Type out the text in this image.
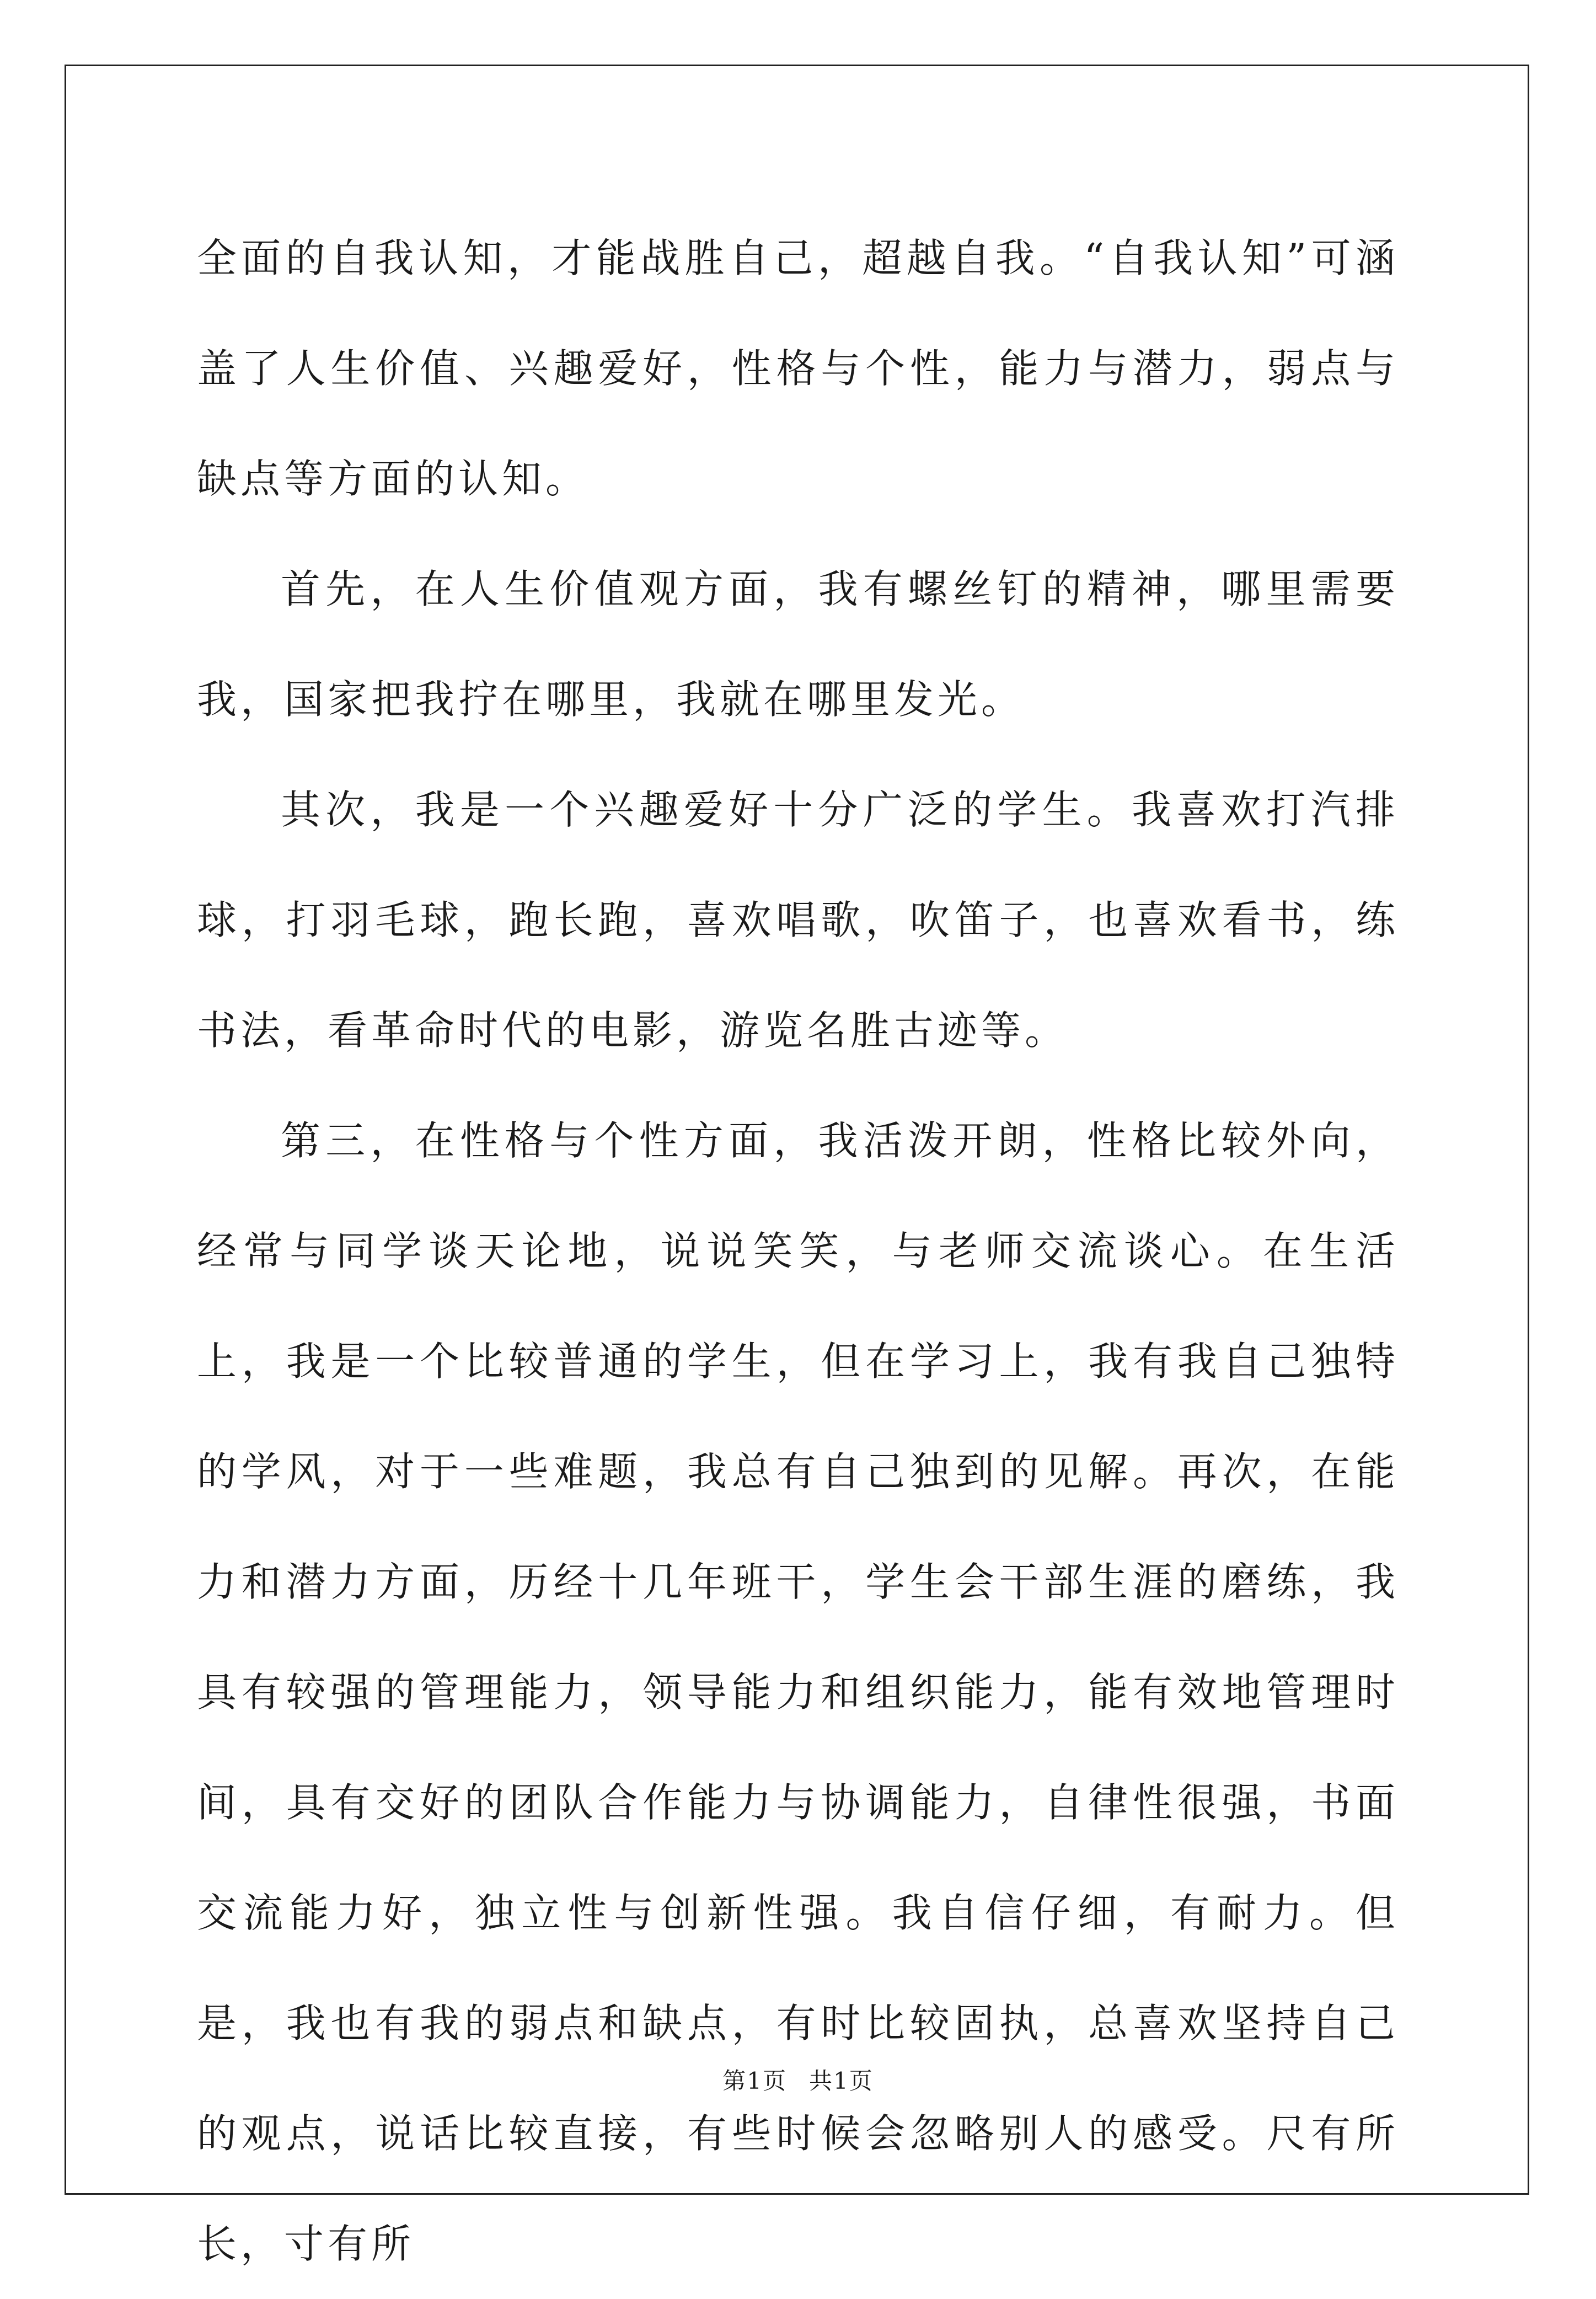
全面的自我认知，才能战胜自己，超越自我。“自我认知”可涵盖了人生价值、兴趣爱好，性格与个性，能力与潜力，弱点与缺点等方面的认知。

首先，在人生价值观方面，我有螺丝钉的精神，哪里需要我，国家把我拧在哪里，我就在哪里发光。

其次，我是一个兴趣爱好十分广泛的学生。我喜欢打汽排球，打羽毛球，跑长跑，喜欢唱歌，吹笛子，也喜欢看书，练书法，看革命时代的电影，游览名胜古迹等。

第三，在性格与个性方面，我活泼开朗，性格比较外向，经常与同学谈天论地，说说笑笑，与老师交流谈心。在生活上，我是一个比较普通的学生，但在学习上，我有我自己独特的学风，对于一些难题，我总有自己独到的见解。再次，在能力和潜力方面，历经十几年班干，学生会干部生涯的磨练，我具有较强的管理能力，领导能力和组织能力，能有效地管理时间，具有交好的团队合作能力与协调能力，自律性很强，书面交流能力好，独立性与创新性强。我自信仔细，有耐力。但是，我也有我的弱点和缺点，有时比较固执，总喜欢坚持自己的观点，说话比较直接，有些时候会忽略别人的感受。尺有所长，寸有所

第1页 共1页
